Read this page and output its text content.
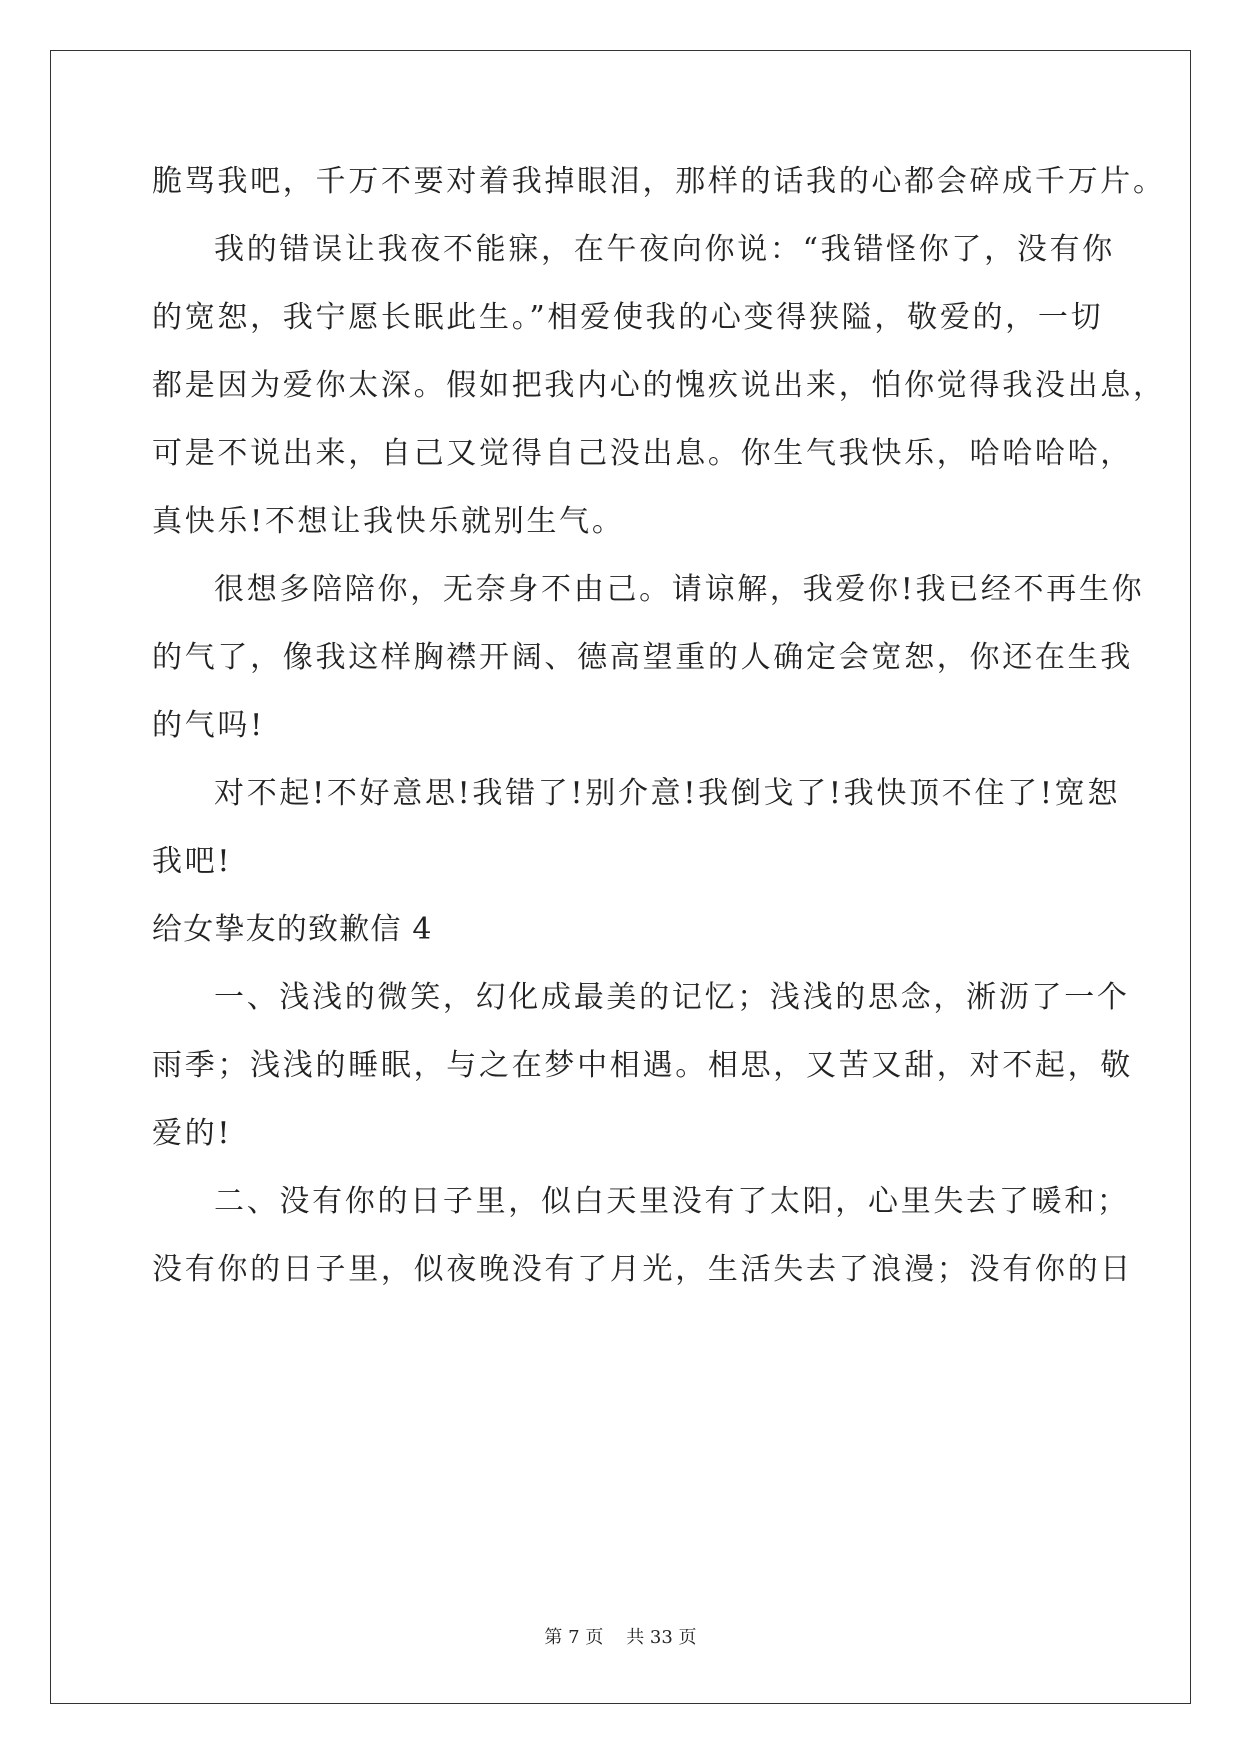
脆骂我吧，千万不要对着我掉眼泪，那样的话我的心都会碎成千万片。
我的错误让我夜不能寐，在午夜向你说：“我错怪你了，没有你
的宽恕，我宁愿长眠此生。”相爱使我的心变得狭隘，敬爱的，一切
都是因为爱你太深。假如把我内心的愧疚说出来，怕你觉得我没出息，
可是不说出来，自己又觉得自己没出息。你生气我快乐，哈哈哈哈，
真快乐!不想让我快乐就别生气。
很想多陪陪你，无奈身不由己。请谅解，我爱你!我已经不再生你
的气了，像我这样胸襟开阔、德高望重的人确定会宽恕，你还在生我
的气吗!
对不起!不好意思!我错了!别介意!我倒戈了!我快顶不住了!宽恕
我吧!
给女挚友的致歉信 4
一、浅浅的微笑，幻化成最美的记忆；浅浅的思念，淅沥了一个
雨季；浅浅的睡眠，与之在梦中相遇。相思，又苦又甜，对不起，敬
爱的!
二、没有你的日子里，似白天里没有了太阳，心里失去了暖和；
没有你的日子里，似夜晚没有了月光，生活失去了浪漫；没有你的日
第 7 页    共 33 页
